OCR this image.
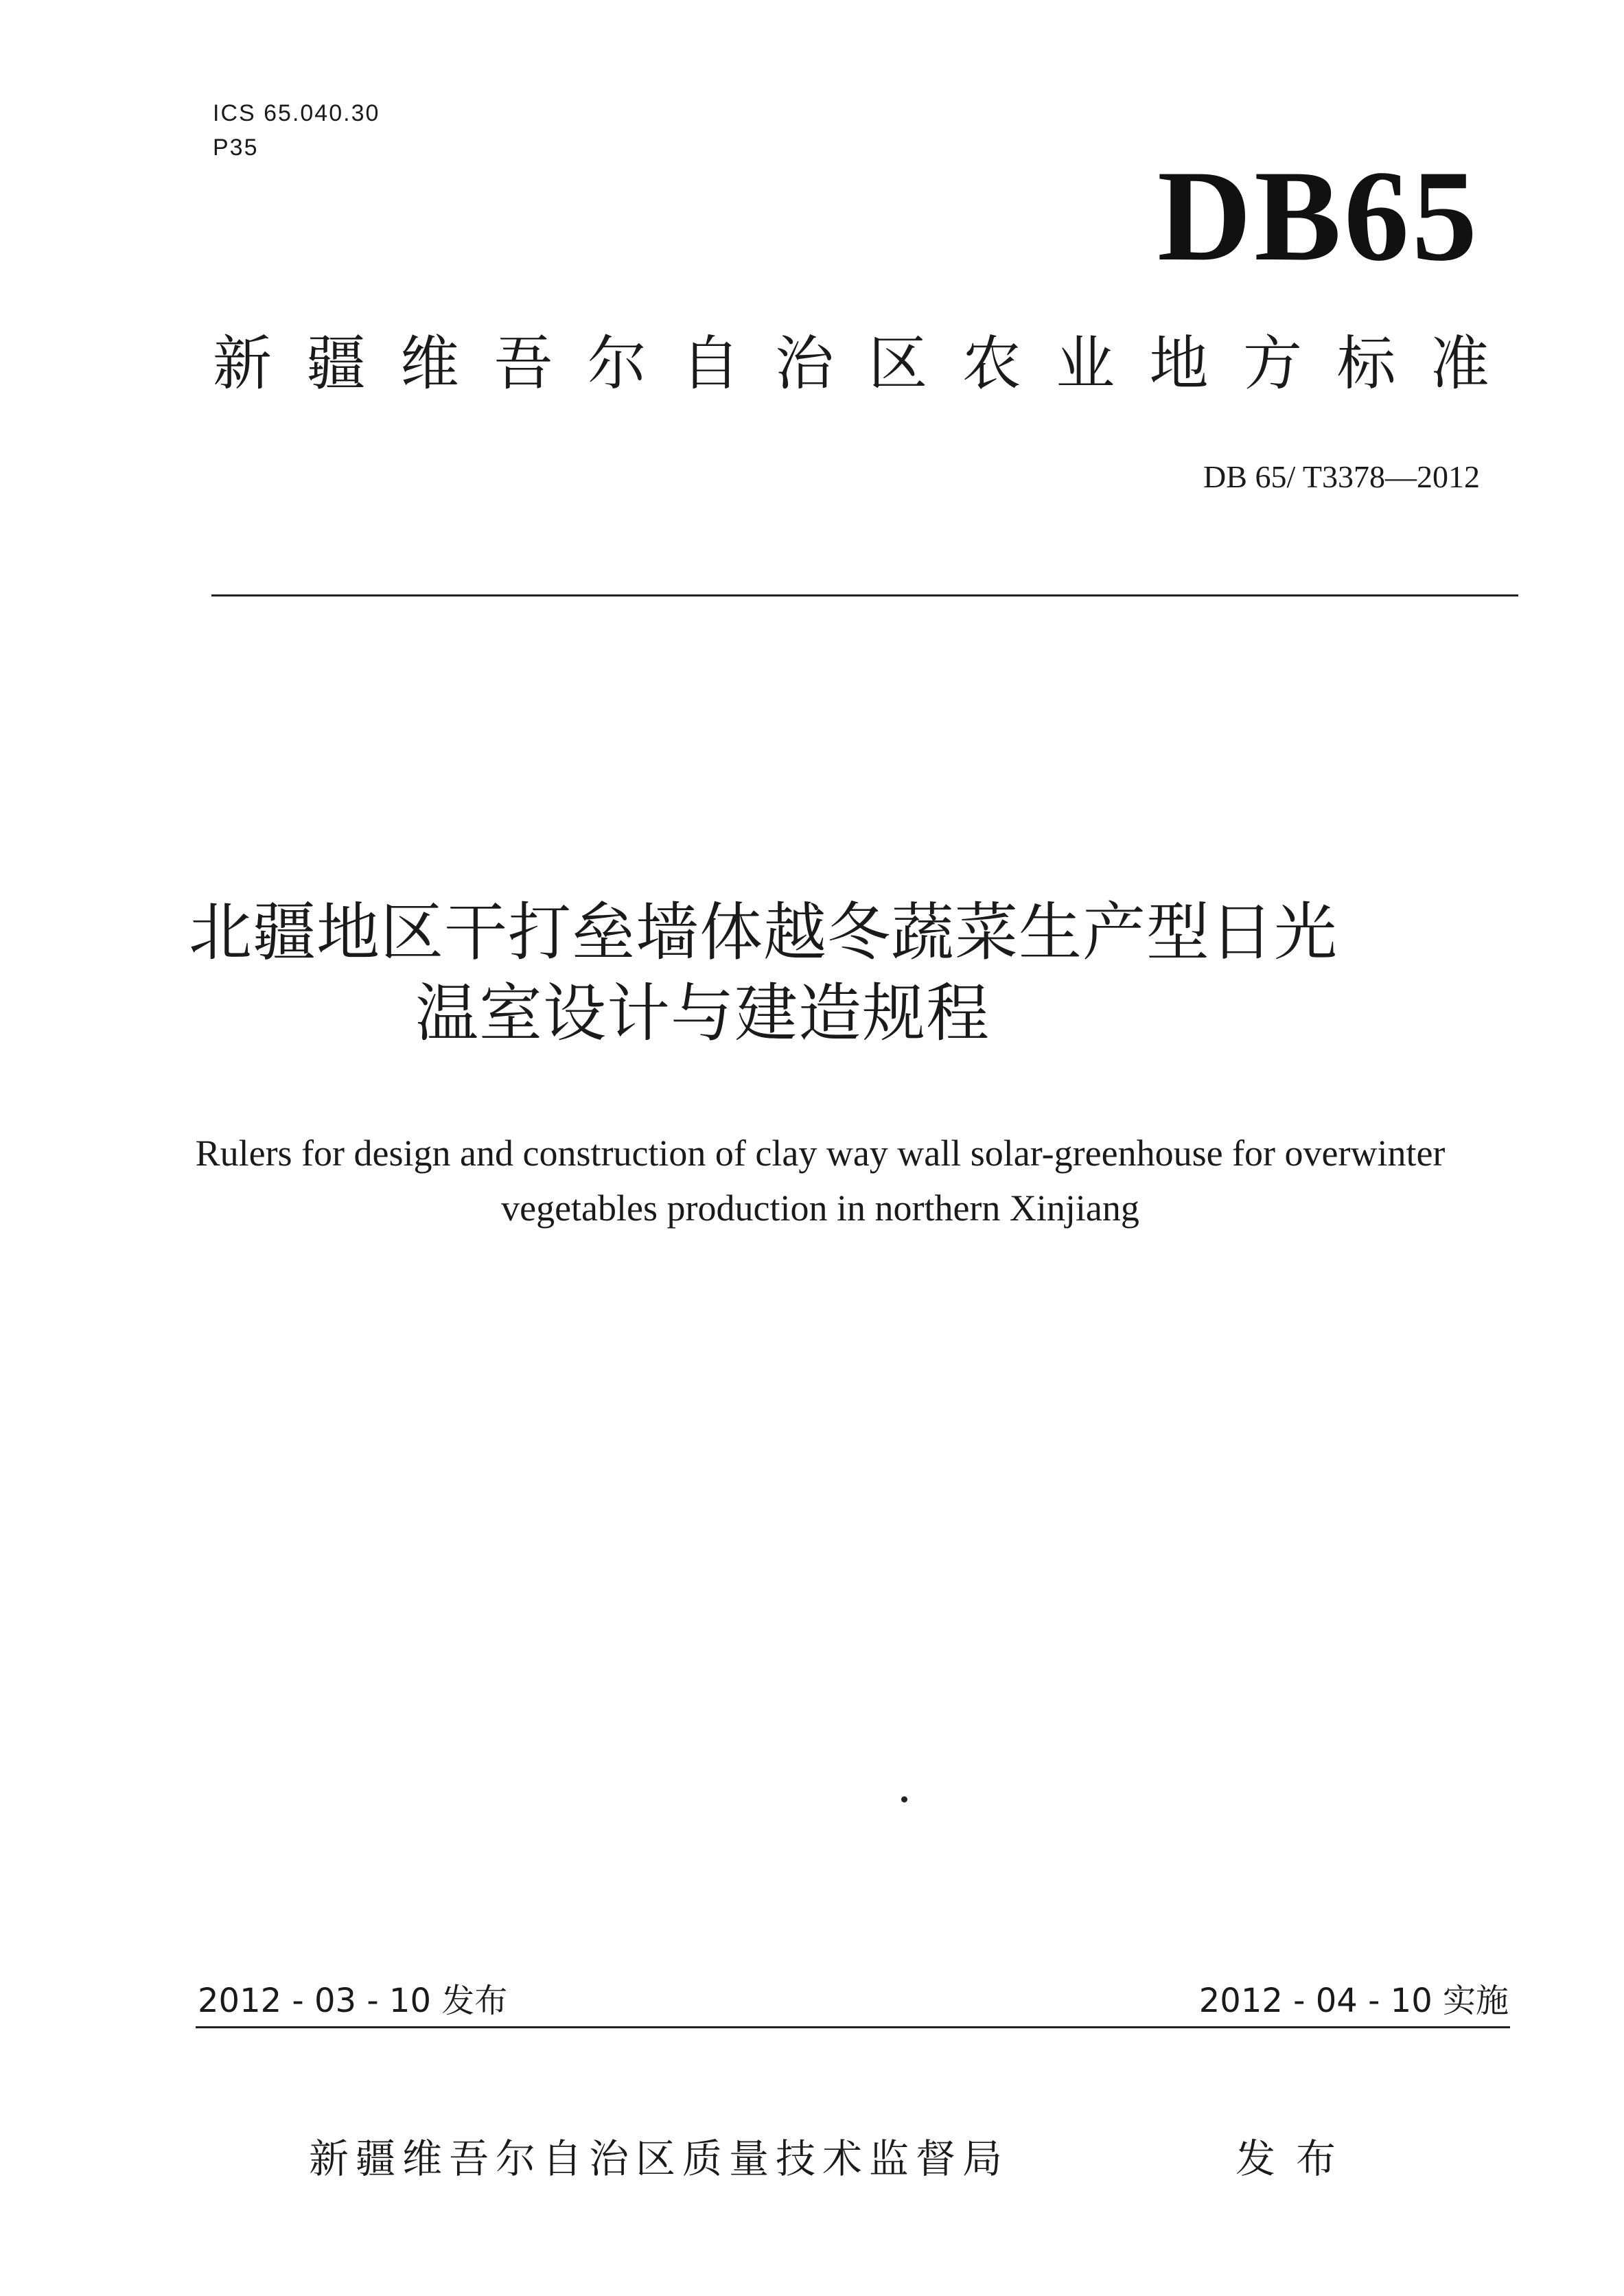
ICS 65.040.30
P35	DB65
新 疆 维 吾 尔 自 治 区 农 业 地 方 标 准
DB 65/ T3378—2012
北疆地区干打垒墙体越冬蔬菜生产型日光
温室设计与建造规程
Rulers for design and construction of clay way wall solar-greenhouse for overwinter
vegetables production in northern Xinjiang
2012 - 03 - 10 发布	2012 - 04 - 10 实施
新疆维吾尔自治区质量技术监督局	发布
